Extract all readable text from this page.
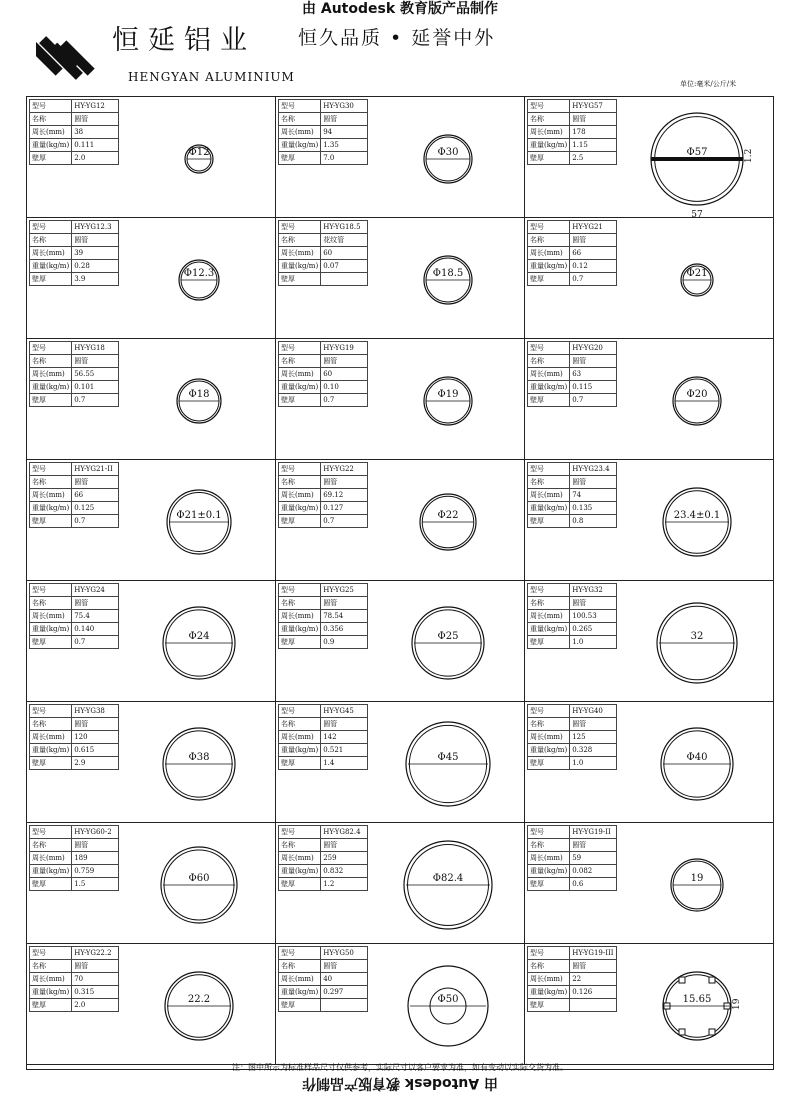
由 Autodesk 教育版产品制作
恒延铝业 恒久品质 • 延誉中外
HENGYAN ALUMINIUM	单位:毫米/公斤/米
型号	HY-YG12
名称	圆管
周长(mm)	38
重量(kg/m)	0.111
壁厚	2.0	Φ12
型号	HY-YG30
名称	圆管
周长(mm)	94
重量(kg/m)	1.35
壁厚	7.0	Φ30
型号	HY-YG57
名称	圆管
周长(mm)	178
重量(kg/m)	1.15
壁厚	2.5	Φ57	1.2
57
型号	HY-YG12.3
名称	圆管
周长(mm)	39
重量(kg/m)	0.28
壁厚	3.9	Φ12.3
型号	HY-YG18.5
名称	花纹管
周长(mm)	60
重量(kg/m)	0.07
壁厚		Φ18.5
型号	HY-YG21
名称	圆管
周长(mm)	66
重量(kg/m)	0.12
壁厚	0.7	Φ21
型号	HY-YG18
名称	圆管
周长(mm)	56.55
重量(kg/m)	0.101
壁厚	0.7	Φ18
型号	HY-YG19
名称	圆管
周长(mm)	60
重量(kg/m)	0.10
壁厚	0.7	Φ19
型号	HY-YG20
名称	圆管
周长(mm)	63
重量(kg/m)	0.115
壁厚	0.7	Φ20
型号	HY-YG21-II
名称	圆管
周长(mm)	66
重量(kg/m)	0.125
壁厚	0.7	Φ21±0.1
型号	HY-YG22
名称	圆管
周长(mm)	69.12
重量(kg/m)	0.127
壁厚	0.7	Φ22
型号	HY-YG23.4
名称	圆管
周长(mm)	74
重量(kg/m)	0.135
壁厚	0.8	23.4±0.1
型号	HY-YG24
名称	圆管
周长(mm)	75.4
重量(kg/m)	0.140
壁厚	0.7	Φ24
型号	HY-YG25
名称	圆管
周长(mm)	78.54
重量(kg/m)	0.356
壁厚	0.9	Φ25
型号	HY-YG32
名称	圆管
周长(mm)	100.53
重量(kg/m)	0.265
壁厚	1.0	32
型号	HY-YG38
名称	圆管
周长(mm)	120
重量(kg/m)	0.615
壁厚	2.9	Φ38
型号	HY-YG45
名称	圆管
周长(mm)	142
重量(kg/m)	0.521
壁厚	1.4	Φ45
型号	HY-YG40
名称	圆管
周长(mm)	125
重量(kg/m)	0.328
壁厚	1.0	Φ40
型号	HY-YG60-2
名称	圆管
周长(mm)	189
重量(kg/m)	0.759
壁厚	1.5	Φ60
型号	HY-YG82.4
名称	圆管
周长(mm)	259
重量(kg/m)	0.832
壁厚	1.2	Φ82.4
型号	HY-YG19-II
名称	圆管
周长(mm)	59
重量(kg/m)	0.082
壁厚	0.6	19
型号	HY-YG22.2
名称	圆管
周长(mm)	70
重量(kg/m)	0.315
壁厚	2.0	22.2
型号	HY-YG50
名称	圆管
周长(mm)	40
重量(kg/m)	0.297
壁厚		Φ50
型号	HY-YG19-III
名称	圆管
周长(mm)	22
重量(kg/m)	0.126
壁厚		15.65 19
注：图中所示为标准样品尺寸仅供参考，实际尺寸以客户要求为准，如有变动以实际交货为准。
由 Autodesk 教育版产品制作
